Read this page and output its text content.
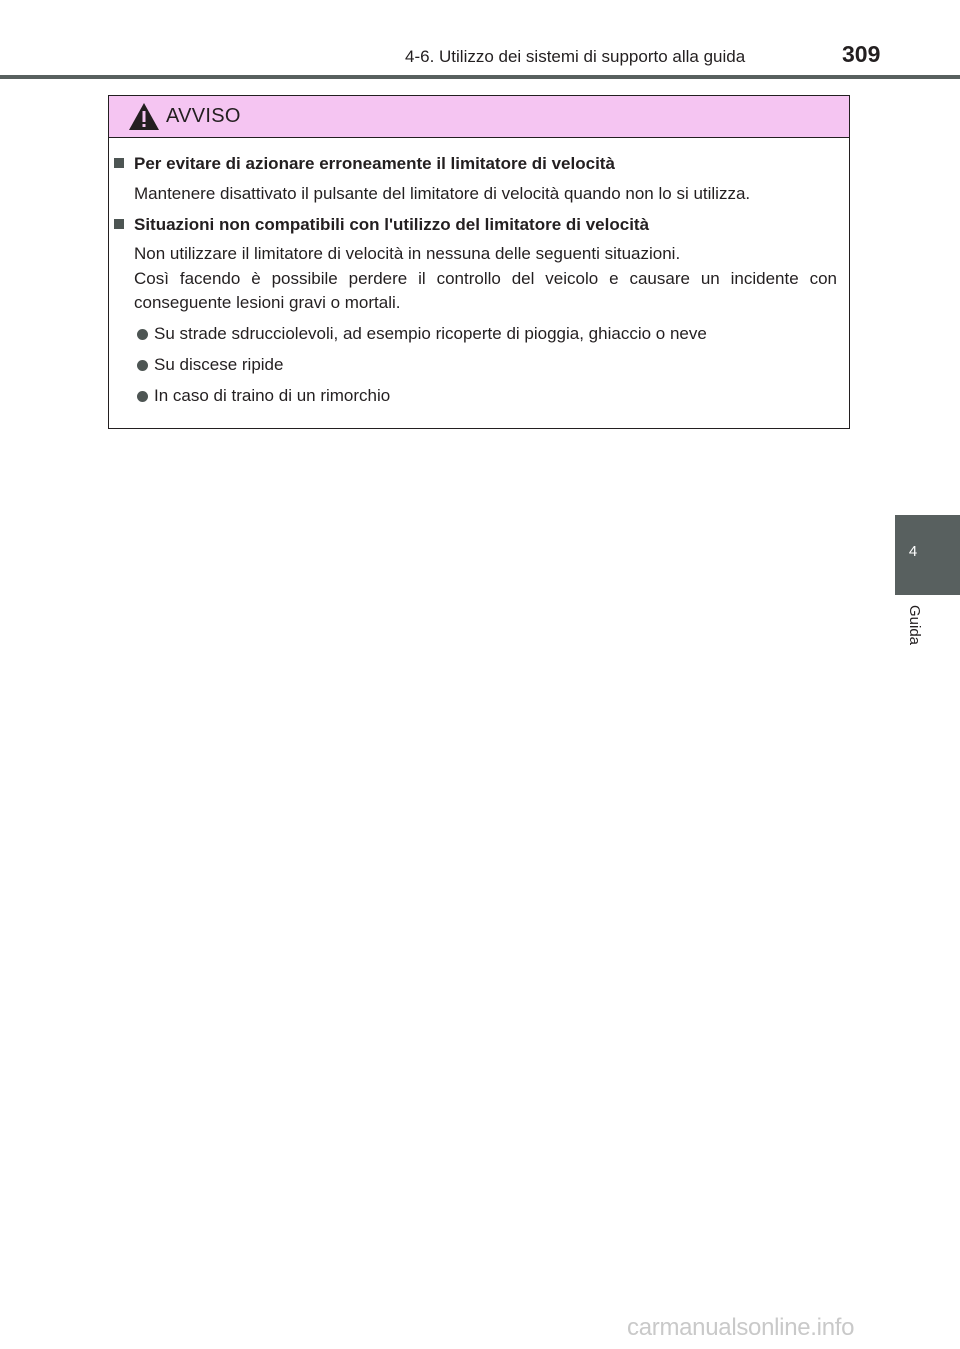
4-6. Utilizzo dei sistemi di supporto alla guida	309
AVVISO
Per evitare di azionare erroneamente il limitatore di velocità
Mantenere disattivato il pulsante del limitatore di velocità quando non lo si utilizza.
Situazioni non compatibili con l'utilizzo del limitatore di velocità
Non utilizzare il limitatore di velocità in nessuna delle seguenti situazioni.
Così facendo è possibile perdere il controllo del veicolo e causare un incidente con
conseguente lesioni gravi o mortali.
Su strade sdrucciolevoli, ad esempio ricoperte di pioggia, ghiaccio o neve
Su discese ripide
In caso di traino di un rimorchio
4
Guida
carmanualsonline.info
